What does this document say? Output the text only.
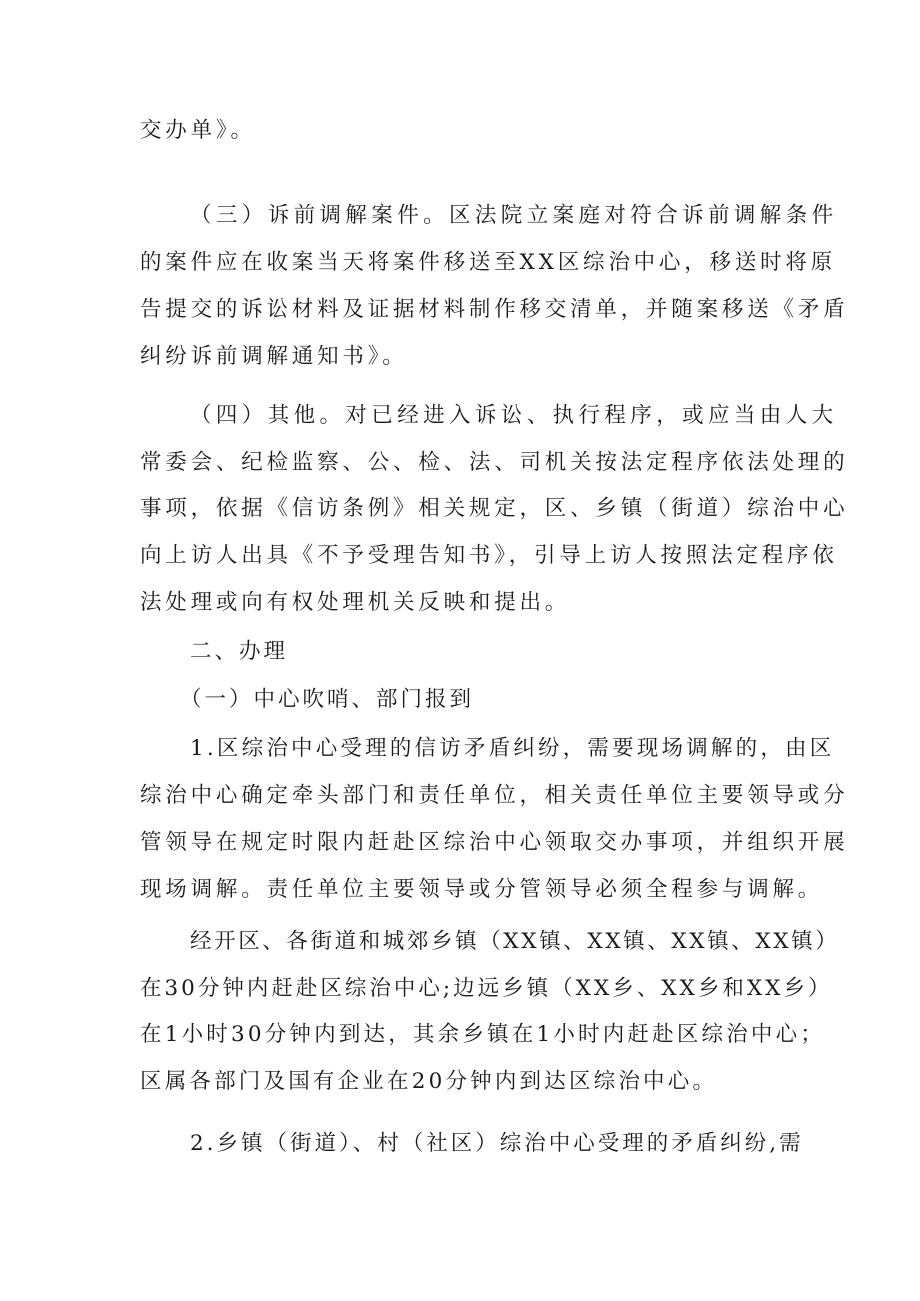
交办单》。

（三）诉前调解案件。区法院立案庭对符合诉前调解条件

的案件应在收案当天将案件移送至XX区综治中心，移送时将原

告提交的诉讼材料及证据材料制作移交清单，并随案移送《矛盾

纠纷诉前调解通知书》。

（四）其他。对已经进入诉讼、执行程序，或应当由人大

常委会、纪检监察、公、检、法、司机关按法定程序依法处理的

事项，依据《信访条例》相关规定，区、乡镇（街道）综治中心

向上访人出具《不予受理告知书》，引导上访人按照法定程序依

法处理或向有权处理机关反映和提出。

二、办理

（一）中心吹哨、部门报到

1.区综治中心受理的信访矛盾纠纷，需要现场调解的，由区

综治中心确定牵头部门和责任单位，相关责任单位主要领导或分

管领导在规定时限内赶赴区综治中心领取交办事项，并组织开展

现场调解。责任单位主要领导或分管领导必须全程参与调解。

经开区、各街道和城郊乡镇（XX镇、XX镇、XX镇、XX镇）

在30分钟内赶赴区综治中心;边远乡镇（XX乡、XX乡和XX乡）

在1小时30分钟内到达，其余乡镇在1小时内赶赴区综治中心；

区属各部门及国有企业在20分钟内到达区综治中心。

2.乡镇（街道）、村（社区）综治中心受理的矛盾纠纷,需
